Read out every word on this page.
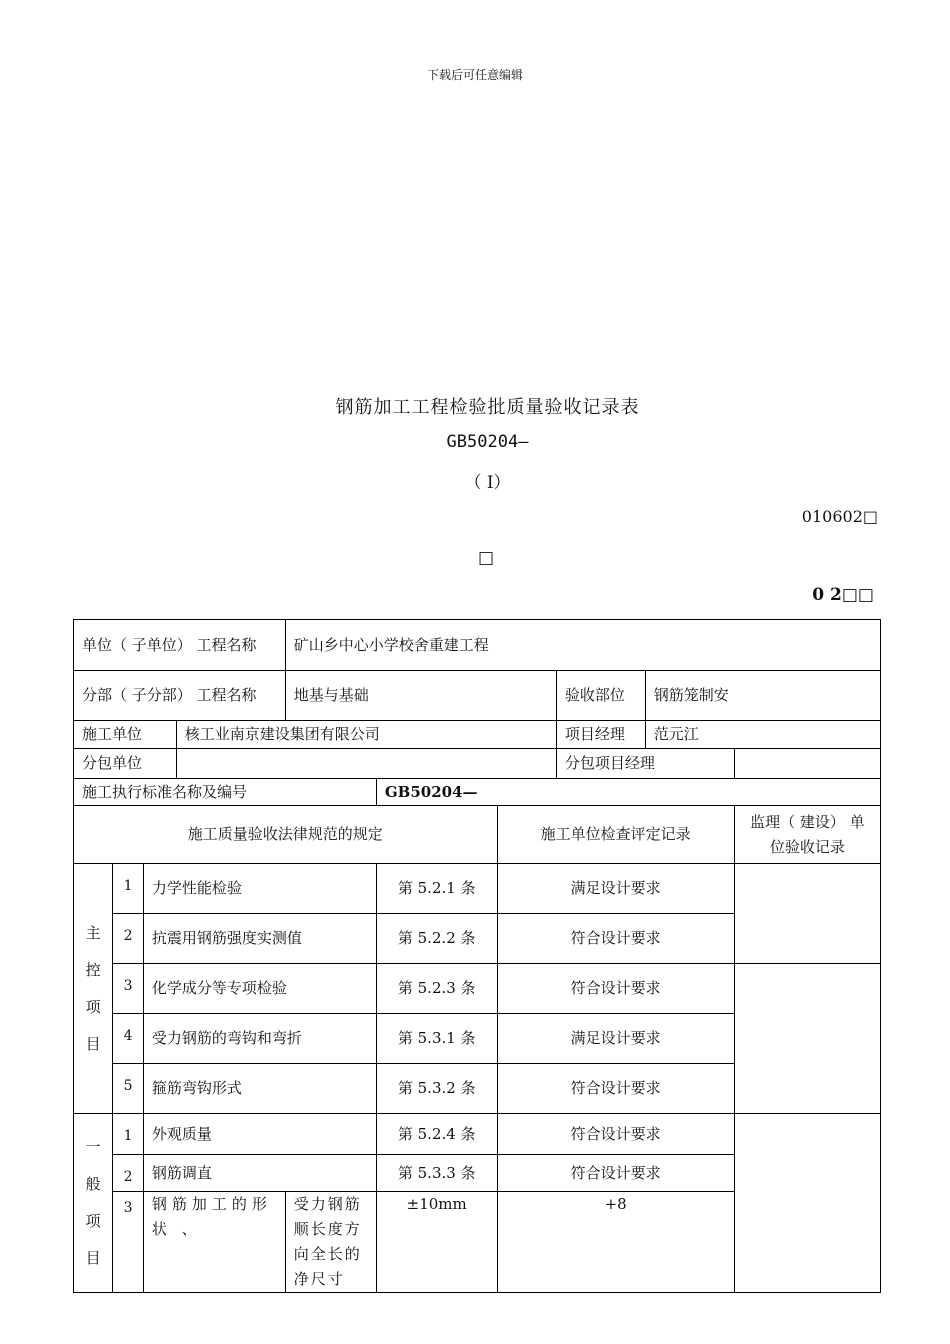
下载后可任意编辑
钢筋加工工程检验批质量验收记录表
GB50204—
（ Ⅰ）
010602□
□
0 2□□
单位（ 子单位） 工程名称				矿山乡中心小学校舍重建工程					
分部（ 子分部） 工程名称				地基与基础			验收部位	钢筋笼制安	
施工单位			核工业南京建设集团有限公司				项目经理	范元江	
分包单位							分包项目经理		
施工执行标准名称及编号					GB50204—				
施工质量验收法律规范的规定						施工单位检查评定记录			监理（ 建设） 单位验收记录

主
控
项
目	1	力学性能检验			第 5.2.1 条	满足设计要求			
	2	抗震用钢筋强度实测值			第 5.2.2 条	符合设计要求			
	3	化学成分等专项检验			第 5.2.3 条	符合设计要求			
	4	受力钢筋的弯钩和弯折			第 5.3.1 条	满足设计要求			
	5	箍筋弯钩形式			第 5.3.2 条	符合设计要求			

一
般
项
目	1	外观质量			第 5.2.4 条	符合设计要求			
	2	钢筋调直			第 5.3.3 条	符合设计要求			
	3	钢筋加工的形状 、		受力钢筋顺长度方向全长的净尺寸	±10mm	+8			
